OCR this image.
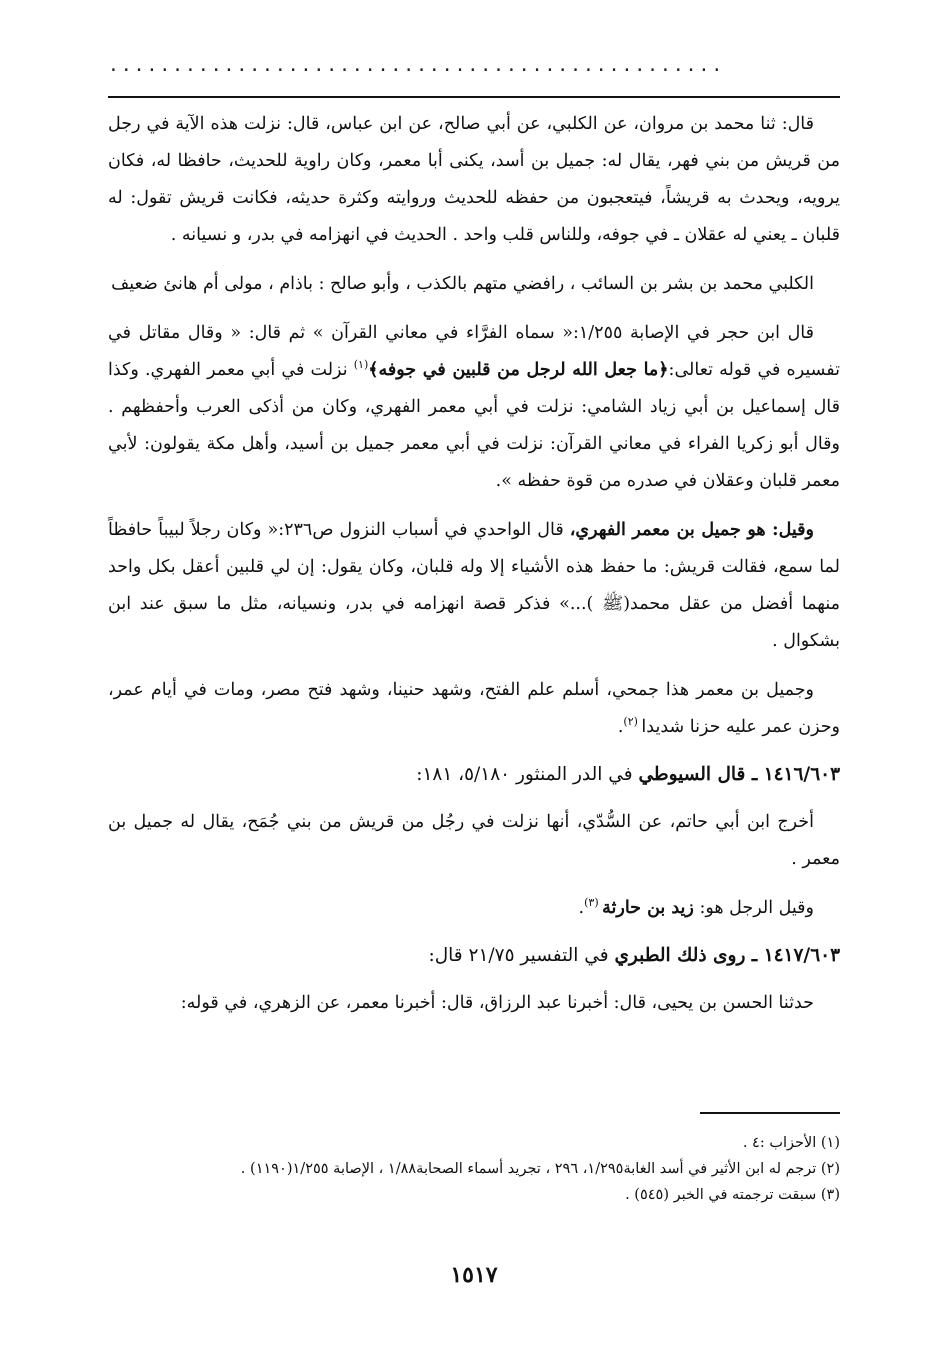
................................................

قال: ثنا محمد بن مروان، عن الكلبي، عن أبي صالح، عن ابن عباس، قال: نزلت هذه الآية في رجل من قريش من بني فهر، يقال له: جميل بن أسد، يكنى أبا معمر، وكان راوية للحديث، حافظا له، فكان يرويه، ويحدث به قريشاً، فيتعجبون من حفظه للحديث وروايته وكثرة حديثه، فكانت قريش تقول: له قلبان ـ يعني له عقلان ـ في جوفه، وللناس قلب واحد . الحديث في انهزامه في بدر، و نسيانه .

الكلبي محمد بن بشر بن السائب ، رافضي متهم بالكذب ، وأبو صالح : باذام ، مولى أم هانئ ضعيف

قال ابن حجر في الإصابة ١/٢٥٥:« سماه الفرَّاء في معاني القرآن » ثم قال: « وقال مقاتل في تفسيره في قوله تعالى:﴿ما جعل الله لرجل من قلبين في جوفه﴾$^{(١)}$ نزلت في أبي معمر الفهري. وكذا قال إسماعيل بن أبي زياد الشامي: نزلت في أبي معمر الفهري، وكان من أذكى العرب وأحفظهم . وقال أبو زكريا الفراء في معاني القرآن: نزلت في أبي معمر جميل بن أسيد، وأهل مكة يقولون: لأبي معمر قلبان وعقلان في صدره من قوة حفظه ».

وقيل: هو جميل بن معمر الفهري، قال الواحدي في أسباب النزول ص٢٣٦:« وكان رجلاً لبيباً حافظاً لما سمع، فقالت قريش: ما حفظ هذه الأشياء إلا وله قلبان، وكان يقول: إن لي قلبين أعقل بكل واحد منهما أفضل من عقل محمد(ﷺ )...» فذكر قصة انهزامه في بدر، ونسيانه، مثل ما سبق عند ابن بشكوال .

وجميل بن معمر هذا جمحي، أسلم علم الفتح، وشهد حنينا، وشهد فتح مصر، ومات في أيام عمر، وحزن عمر عليه حزنا شديدا $^{(٢)}$.

١٤١٦/٦٠٣ ـ قال السيوطي في الدر المنثور ٥/١٨٠، ١٨١:

أخرج ابن أبي حاتم، عن السُّدّي، أنها نزلت في رجُل من قريش من بني جُمَح، يقال له جميل بن معمر .

وقيل الرجل هو: زيد بن حارثة $^{(٣)}$.

١٤١٧/٦٠٣ ـ روى ذلك الطبري في التفسير ٢١/٧٥ قال:

حدثنا الحسن بن يحيى، قال: أخبرنا عبد الرزاق، قال: أخبرنا معمر، عن الزهري، في قوله:

(١) الأحزاب :٤ .
(٢) ترجم له ابن الأثير في أسد الغابة١/٢٩٥، ٢٩٦ ، تجريد أسماء الصحابة١/٨٨ ، الإصابة ١/٢٥٥(١١٩٠) .
(٣) سبقت ترجمته في الخبر (٥٤٥) .
١٥١٧
